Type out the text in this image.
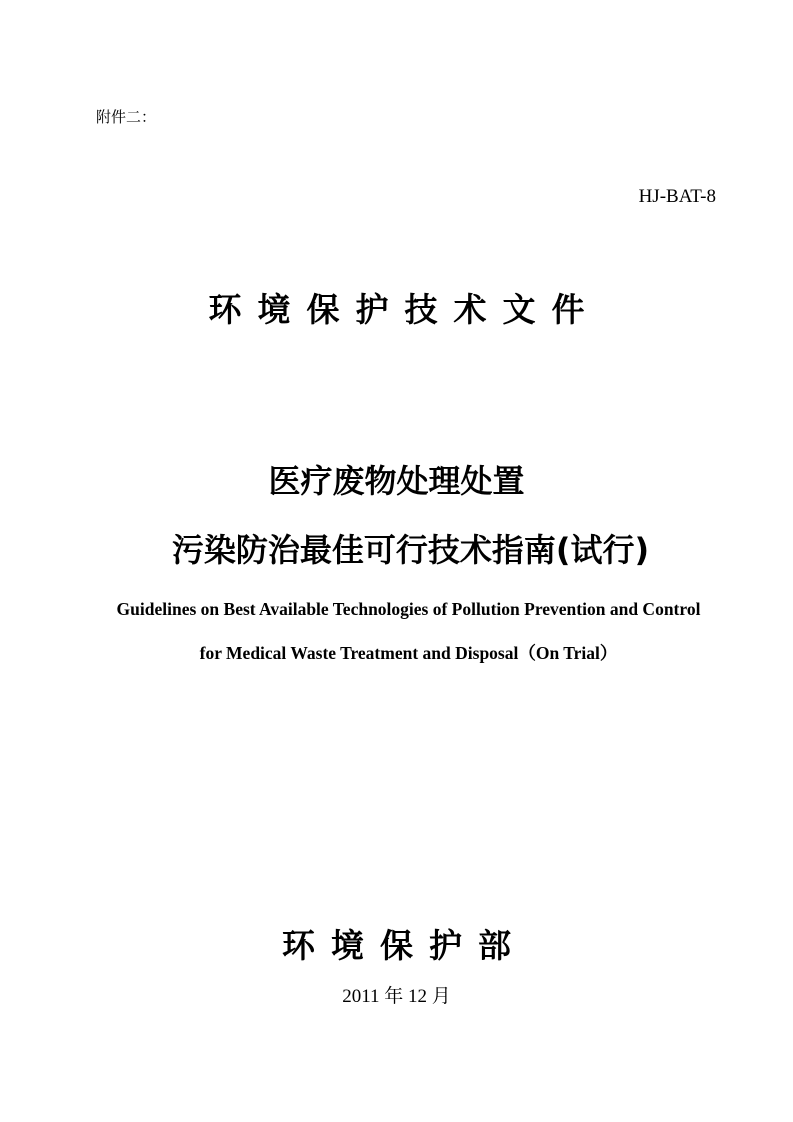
附件二：

HJ-BAT-8

环境保护技术文件
医疗废物处理处置
污染防治最佳可行技术指南(试行)

Guidelines on Best Available Technologies of Pollution Prevention and Control

for Medical Waste Treatment and Disposal（On Trial）

环境保护部

2011 年 12 月
